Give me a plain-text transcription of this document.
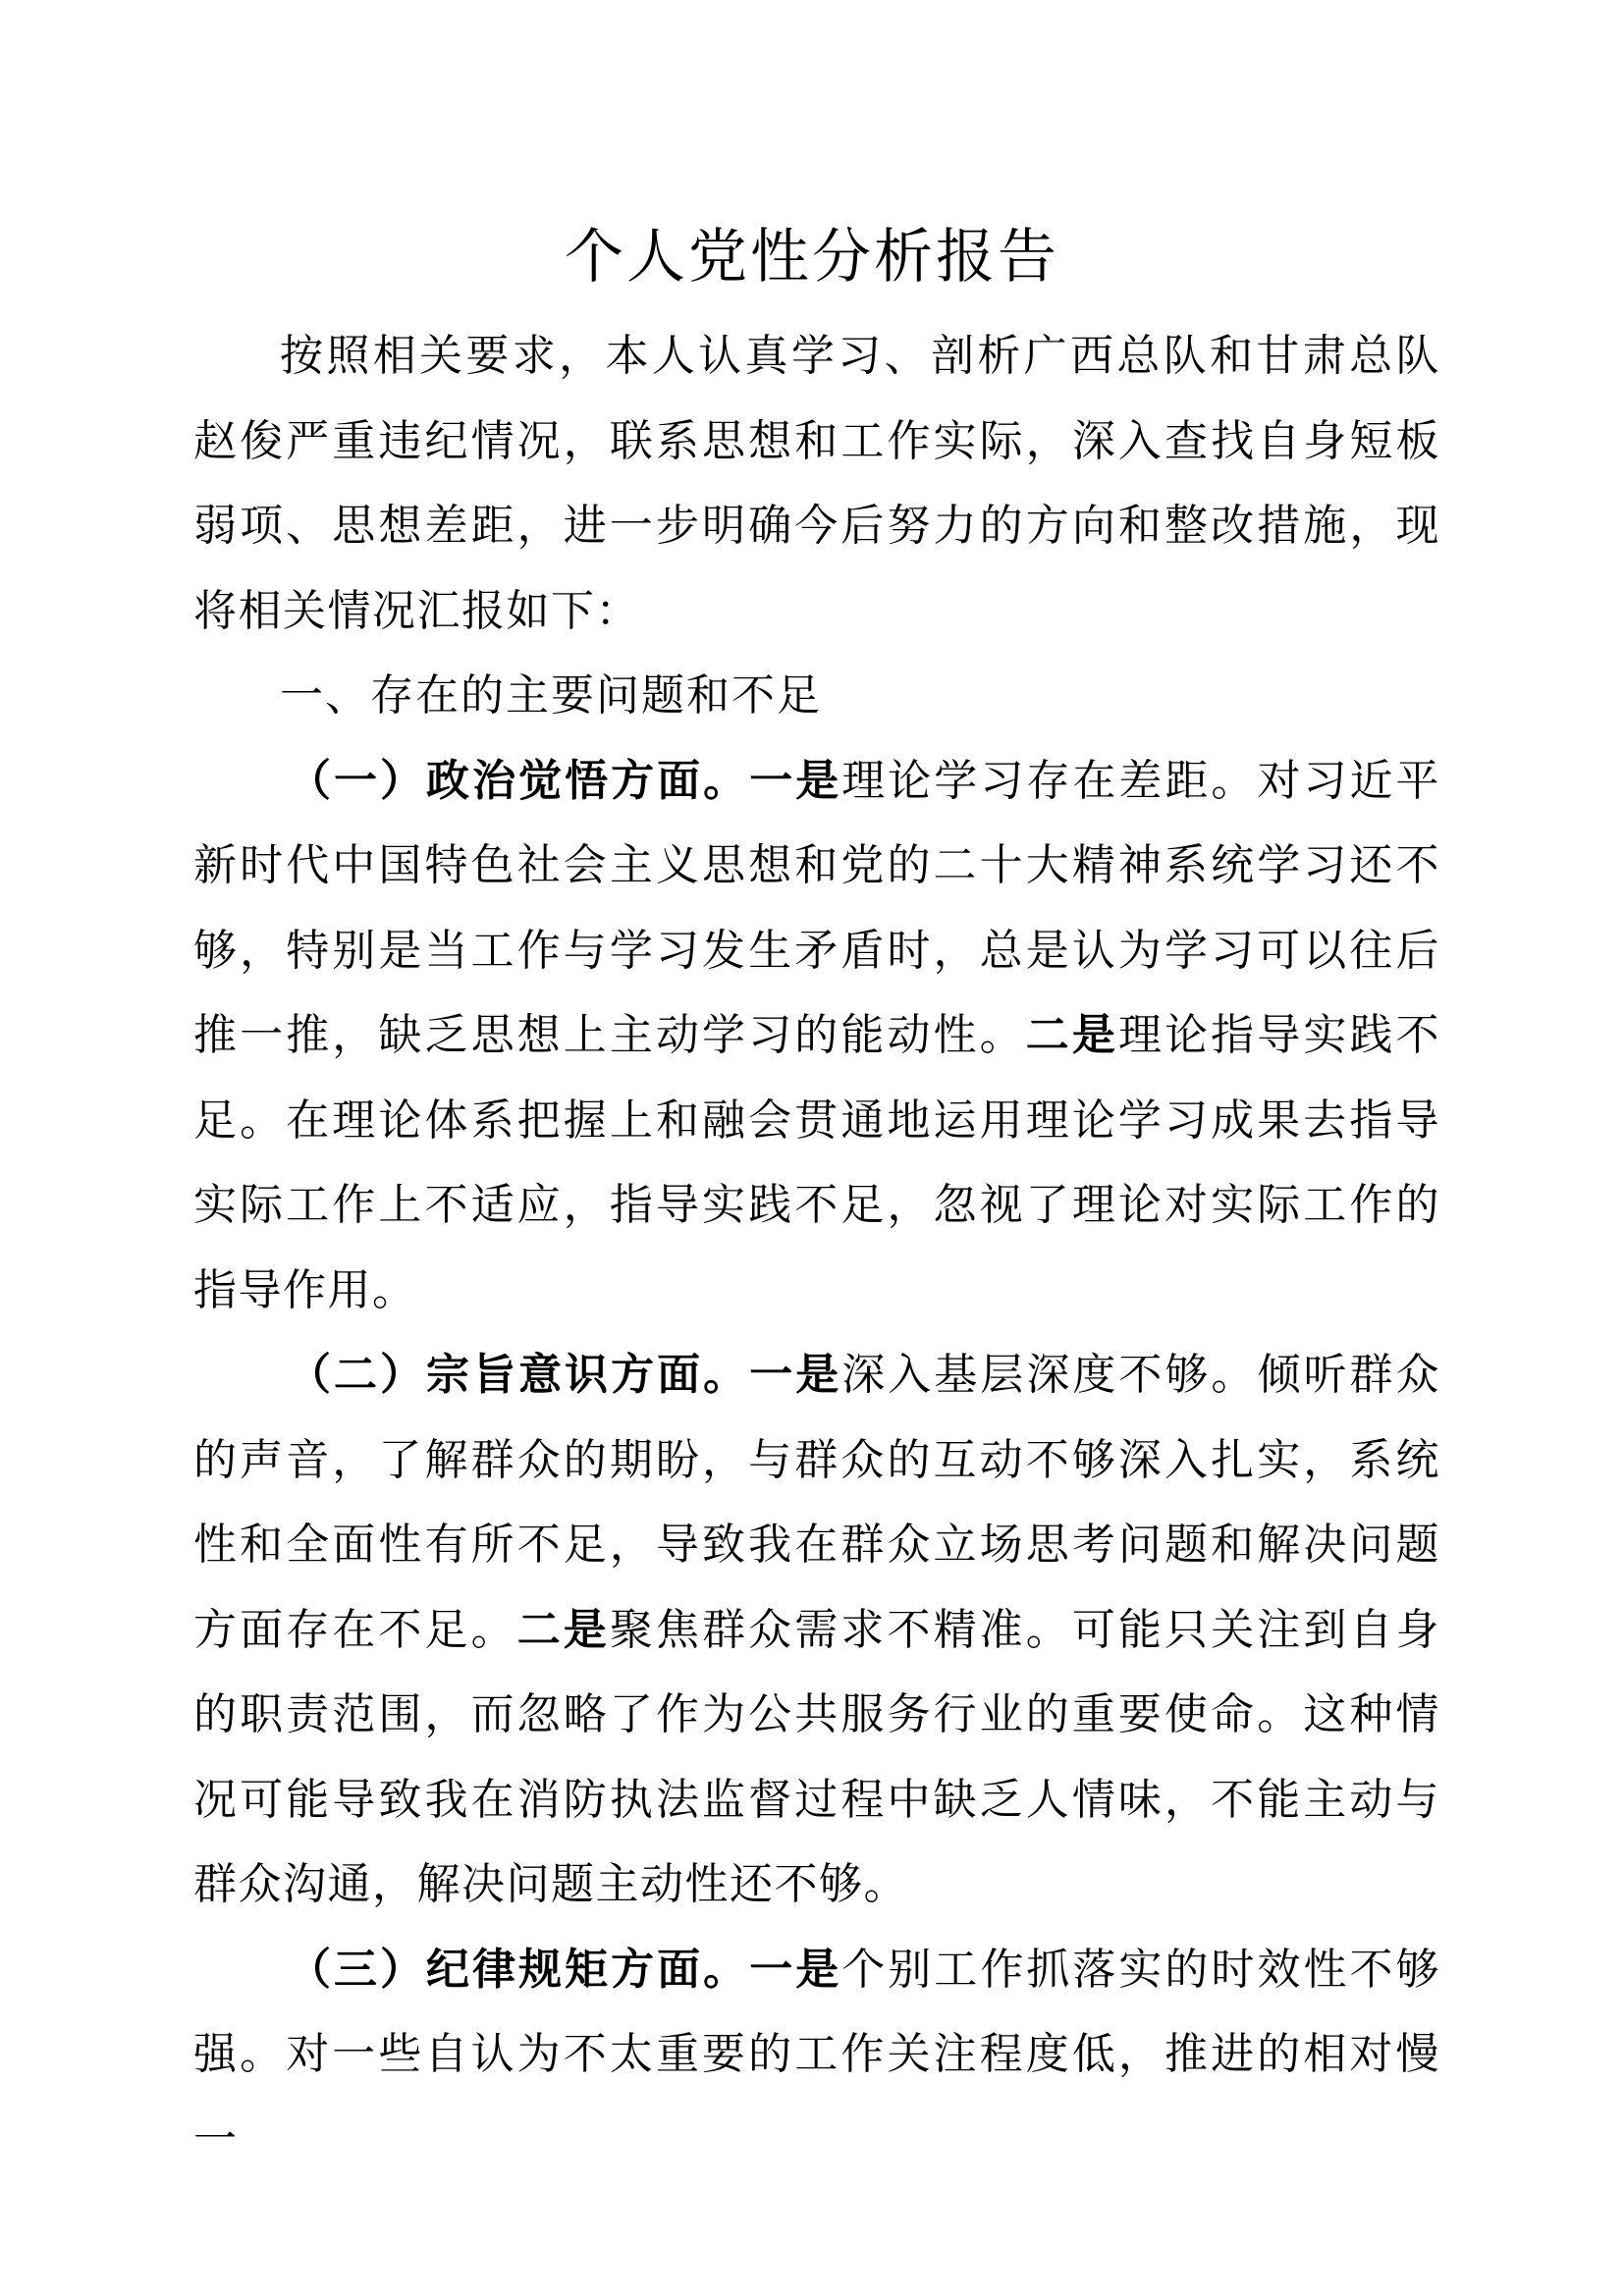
个人党性分析报告

按照相关要求，本人认真学习、剖析广西总队和甘肃总队赵俊严重违纪情况，联系思想和工作实际，深入查找自身短板弱项、思想差距，进一步明确今后努力的方向和整改措施，现将相关情况汇报如下：

一、存在的主要问题和不足

（一）政治觉悟方面。一是理论学习存在差距。对习近平新时代中国特色社会主义思想和党的二十大精神系统学习还不够，特别是当工作与学习发生矛盾时，总是认为学习可以往后推一推，缺乏思想上主动学习的能动性。二是理论指导实践不足。在理论体系把握上和融会贯通地运用理论学习成果去指导实际工作上不适应，指导实践不足，忽视了理论对实际工作的指导作用。

（二）宗旨意识方面。一是深入基层深度不够。倾听群众的声音，了解群众的期盼，与群众的互动不够深入扎实，系统性和全面性有所不足，导致我在群众立场思考问题和解决问题方面存在不足。二是聚焦群众需求不精准。可能只关注到自身的职责范围，而忽略了作为公共服务行业的重要使命。这种情况可能导致我在消防执法监督过程中缺乏人情味，不能主动与群众沟通，解决问题主动性还不够。

（三）纪律规矩方面。一是个别工作抓落实的时效性不够强。对一些自认为不太重要的工作关注程度低，推进的相对慢一
